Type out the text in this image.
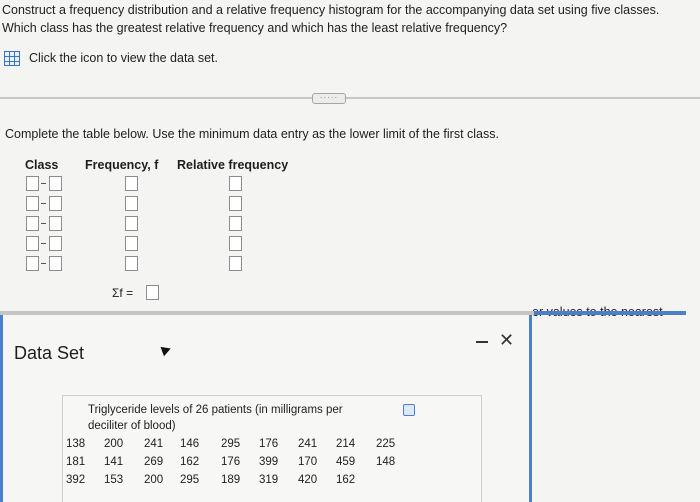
Construct a frequency distribution and a relative frequency histogram for the accompanying data set using five classes.
Which class has the greatest relative frequency and which has the least relative frequency?
Click the icon to view the data set.
·····
Complete the table below. Use the minimum data entry as the lower limit of the first class.
Class Frequency, f Relative frequency
Σf =
Data Set
✕
Triglyceride levels of 26 patients (in milligrams per
deciliter of blood)
138 200 241 146 295 176 241 214 225
181 141 269 162 176 399 170 459 148
392 153 200 295 189 319 420 162
